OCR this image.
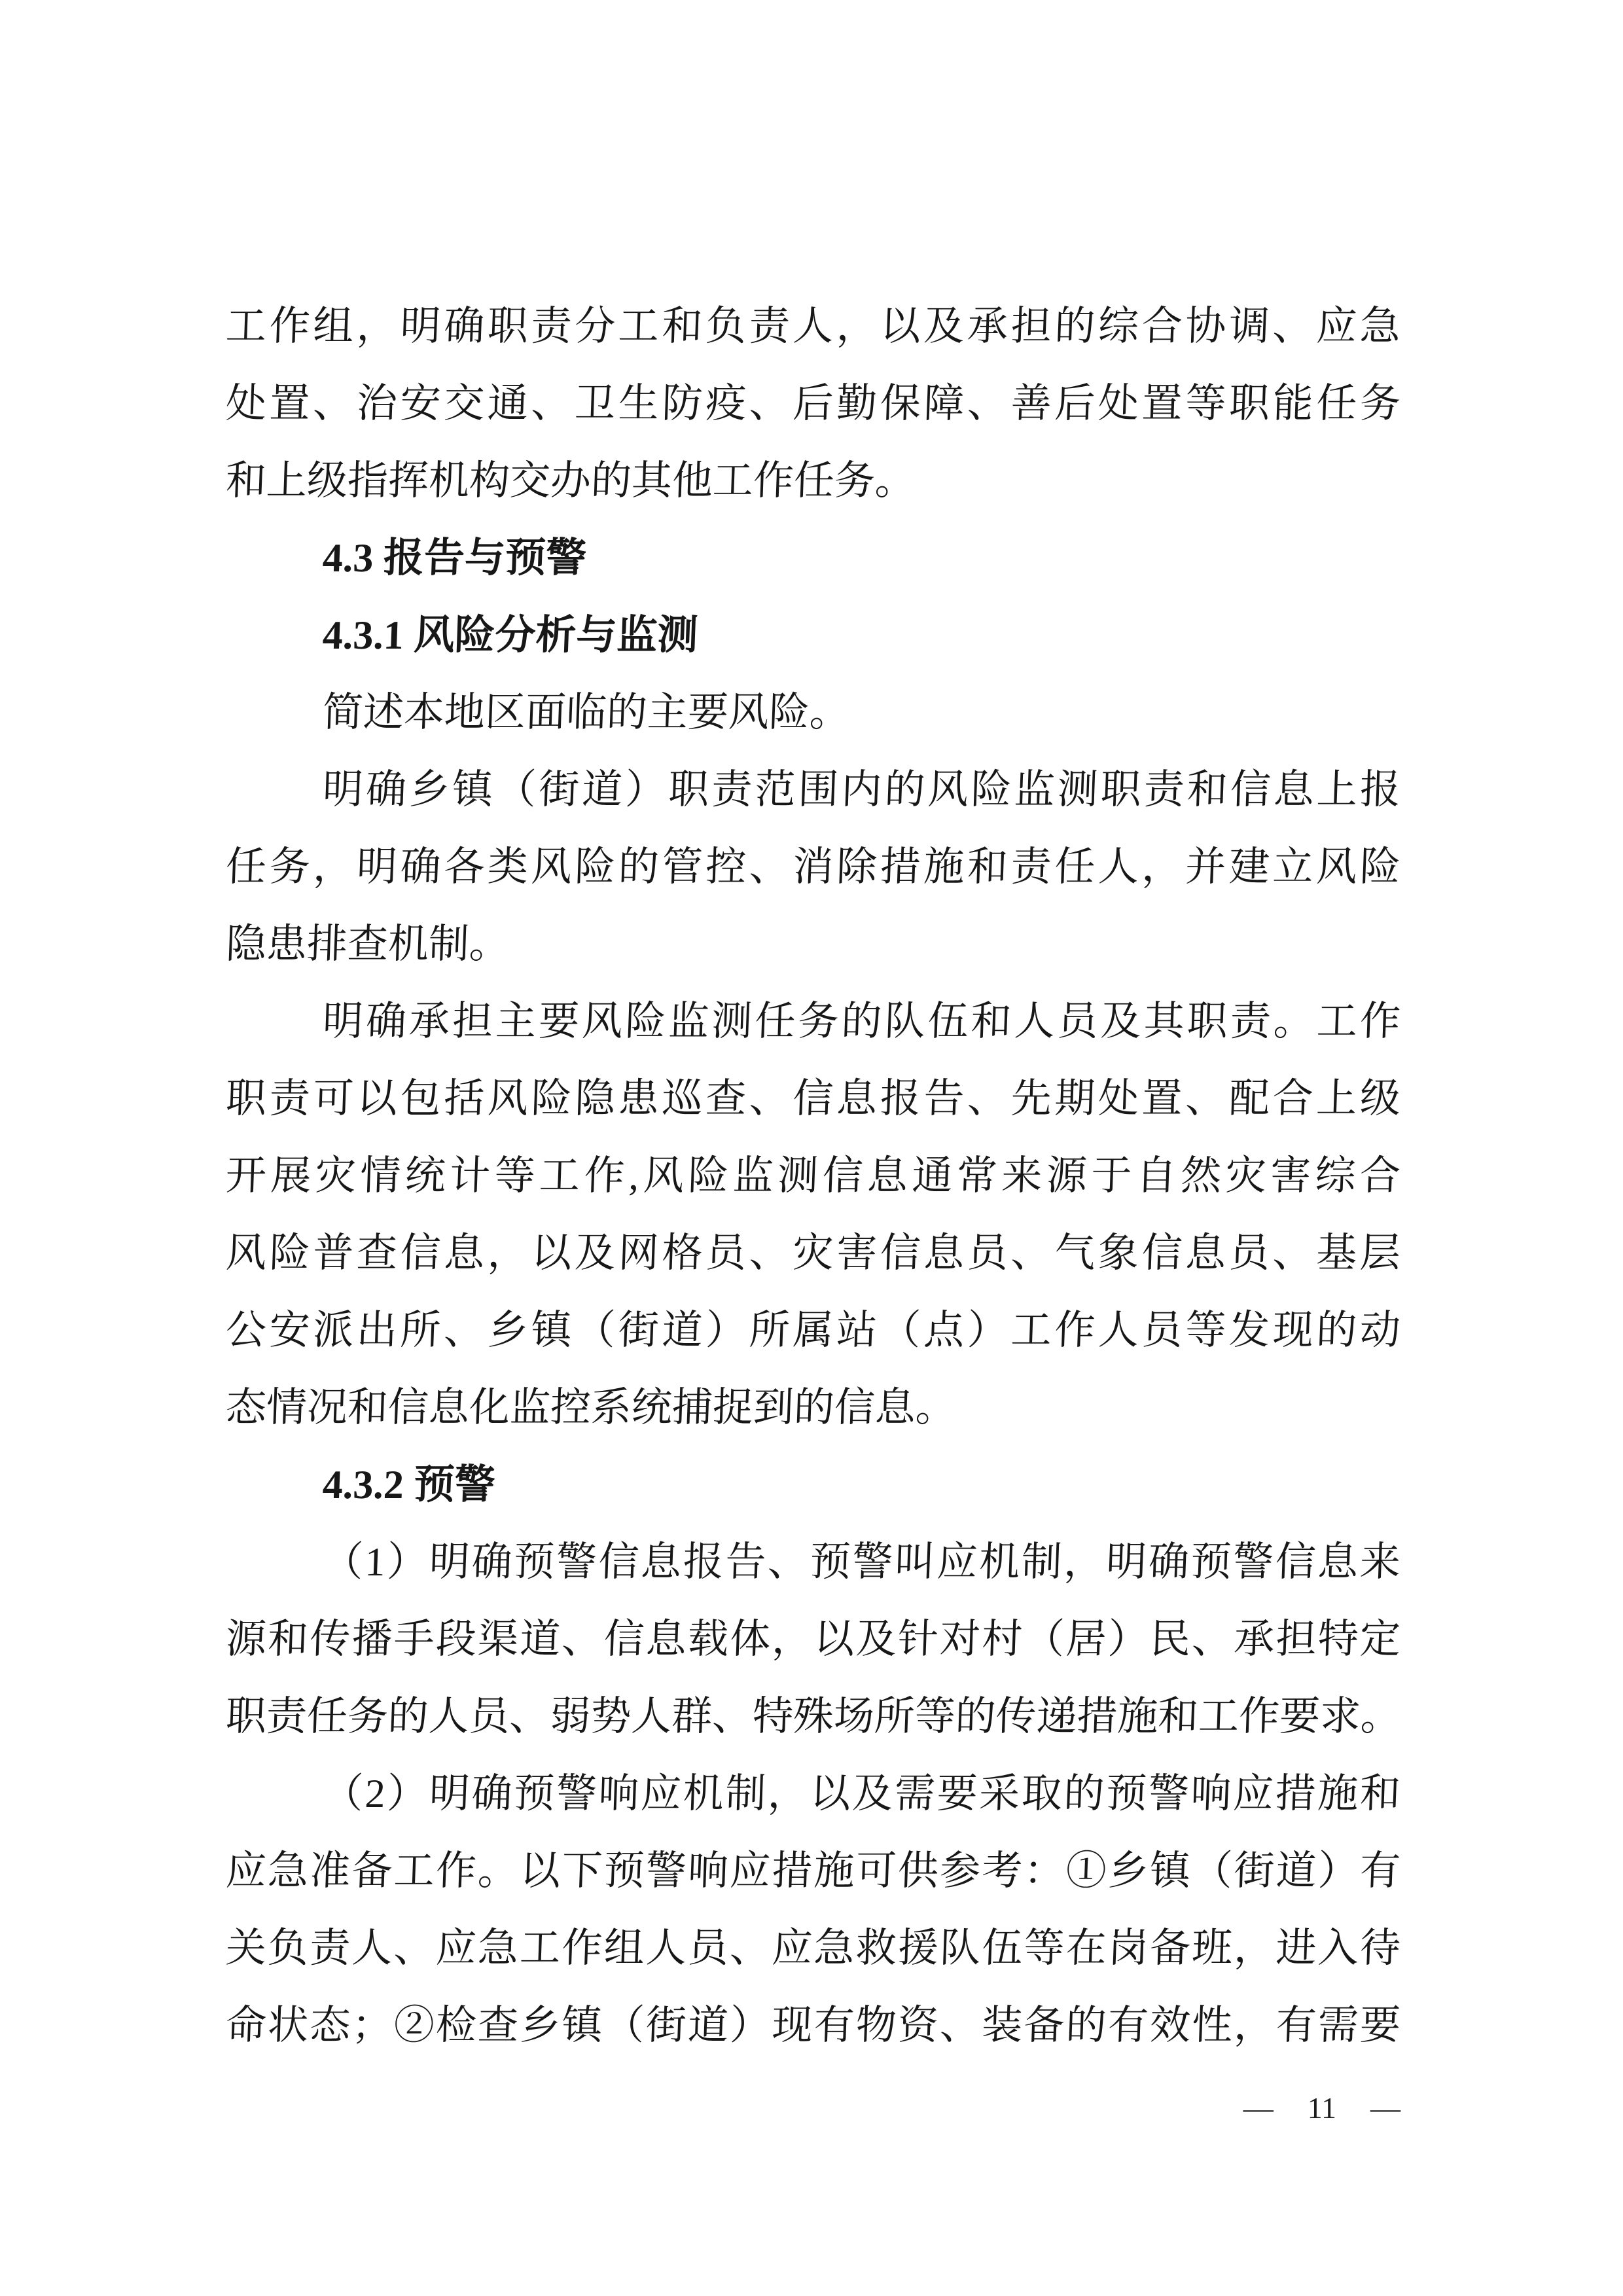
工作组，明确职责分工和负责人，以及承担的综合协调、应急
处置、治安交通、卫生防疫、后勤保障、善后处置等职能任务
和上级指挥机构交办的其他工作任务。
4.3 报告与预警
4.3.1 风险分析与监测
简述本地区面临的主要风险。
明确乡镇（街道）职责范围内的风险监测职责和信息上报
任务，明确各类风险的管控、消除措施和责任人，并建立风险
隐患排查机制。
明确承担主要风险监测任务的队伍和人员及其职责。工作
职责可以包括风险隐患巡查、信息报告、先期处置、配合上级
开展灾情统计等工作,风险监测信息通常来源于自然灾害综合
风险普查信息，以及网格员、灾害信息员、气象信息员、基层
公安派出所、乡镇（街道）所属站（点）工作人员等发现的动
态情况和信息化监控系统捕捉到的信息。
4.3.2 预警
（1）明确预警信息报告、预警叫应机制，明确预警信息来
源和传播手段渠道、信息载体，以及针对村（居）民、承担特定
职责任务的人员、弱势人群、特殊场所等的传递措施和工作要求。
（2）明确预警响应机制，以及需要采取的预警响应措施和
应急准备工作。以下预警响应措施可供参考：①乡镇（街道）有
关负责人、应急工作组人员、应急救援队伍等在岗备班，进入待
命状态；②检查乡镇（街道）现有物资、装备的有效性，有需要
— 11 —
